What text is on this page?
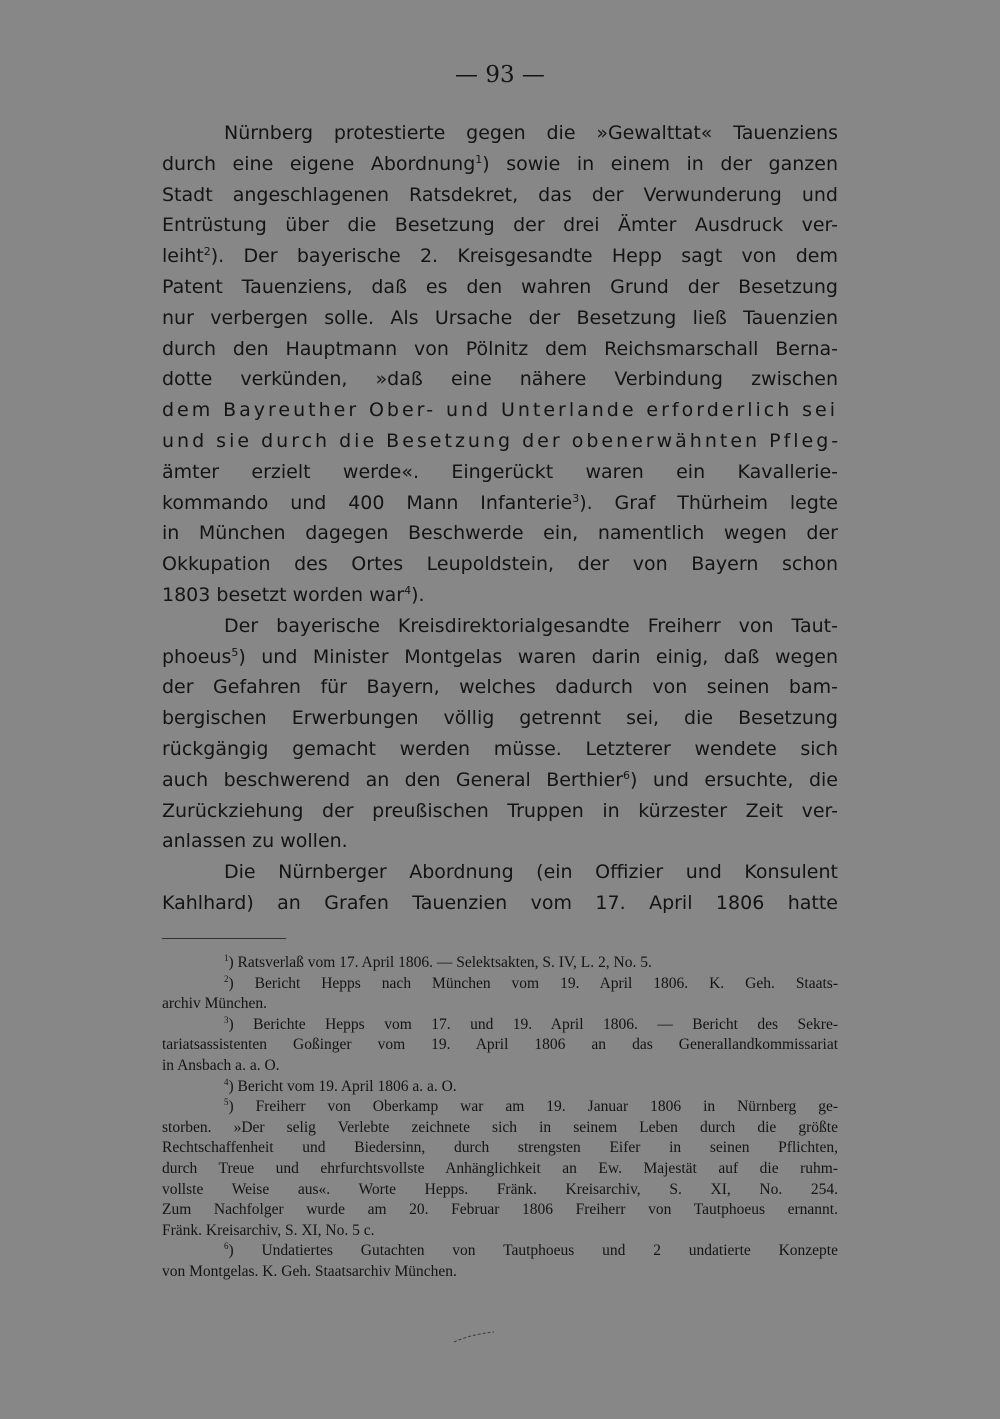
— 93 —
Nürnberg protestierte gegen die »Gewalttat« Tauenziens
durch eine eigene Abordnung$^1$) sowie in einem in der ganzen
Stadt angeschlagenen Ratsdekret, das der Verwunderung und
Entrüstung über die Besetzung der drei Ämter Ausdruck ver-
leiht$^2$). Der bayerische 2. Kreisgesandte Hepp sagt von dem
Patent Tauenziens, daß es den wahren Grund der Besetzung
nur verbergen solle. Als Ursache der Besetzung ließ Tauenzien
durch den Hauptmann von Pölnitz dem Reichsmarschall Berna-
dotte verkünden, »daß eine nähere Verbindung zwischen
dem Bayreuther Ober- und Unterlande erforderlich sei
und sie durch die Besetzung der obenerwähnten Pfleg-
ämter erzielt werde«. Eingerückt waren ein Kavallerie-
kommando und 400 Mann Infanterie$^3$). Graf Thürheim legte
in München dagegen Beschwerde ein, namentlich wegen der
Okkupation des Ortes Leupoldstein, der von Bayern schon
1803 besetzt worden war$^4$).
Der bayerische Kreisdirektorialgesandte Freiherr von Taut-
phoeus$^5$) und Minister Montgelas waren darin einig, daß wegen
der Gefahren für Bayern, welches dadurch von seinen bam-
bergischen Erwerbungen völlig getrennt sei, die Besetzung
rückgängig gemacht werden müsse. Letzterer wendete sich
auch beschwerend an den General Berthier$^6$) und ersuchte, die
Zurückziehung der preußischen Truppen in kürzester Zeit ver-
anlassen zu wollen.
Die Nürnberger Abordnung (ein Offizier und Konsulent
Kahlhard) an Grafen Tauenzien vom 17. April 1806 hatte
$^1$) Ratsverlaß vom 17. April 1806. — Selektsakten, S. IV, L. 2, No. 5.
$^2$) Bericht Hepps nach München vom 19. April 1806. K. Geh. Staats-
archiv München.
$^3$) Berichte Hepps vom 17. und 19. April 1806. — Bericht des Sekre-
tariatsassistenten Goßinger vom 19. April 1806 an das Generallandkommissariat
in Ansbach a. a. O.
$^4$) Bericht vom 19. April 1806 a. a. O.
$^5$) Freiherr von Oberkamp war am 19. Januar 1806 in Nürnberg ge-
storben. »Der selig Verlebte zeichnete sich in seinem Leben durch die größte
Rechtschaffenheit und Biedersinn, durch strengsten Eifer in seinen Pflichten,
durch Treue und ehrfurchtsvollste Anhänglichkeit an Ew. Majestät auf die ruhm-
vollste Weise aus«. Worte Hepps. Fränk. Kreisarchiv, S. XI, No. 254.
Zum Nachfolger wurde am 20. Februar 1806 Freiherr von Tautphoeus ernannt.
Fränk. Kreisarchiv, S. XI, No. 5 c.
$^6$) Undatiertes Gutachten von Tautphoeus und 2 undatierte Konzepte
von Montgelas. K. Geh. Staatsarchiv München.
